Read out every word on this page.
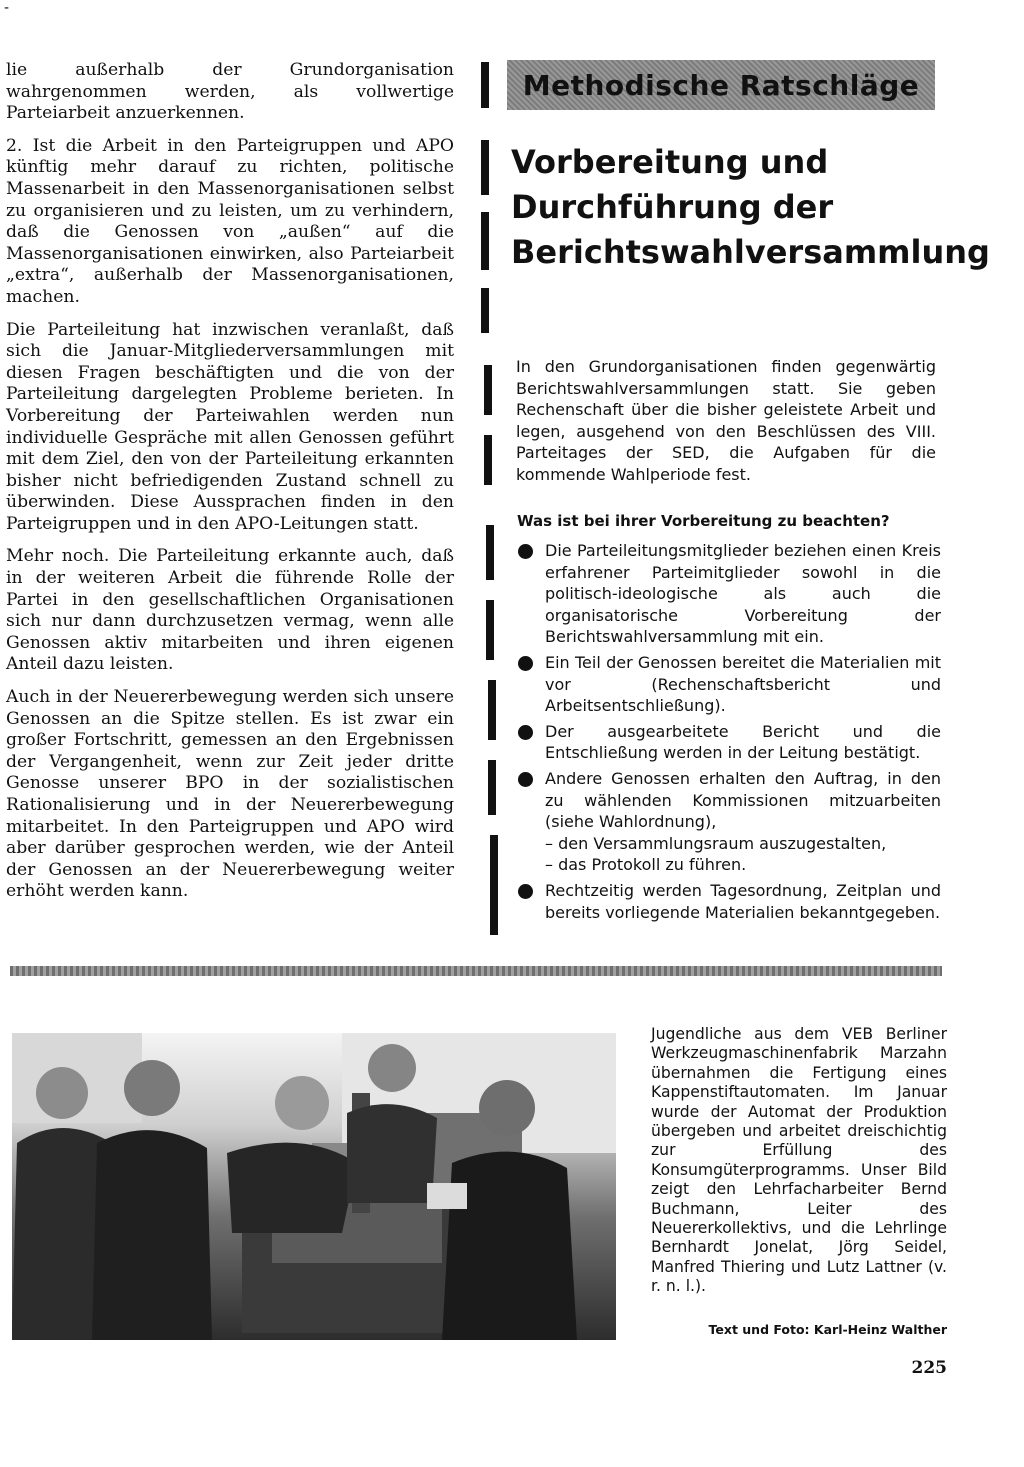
-

lie außerhalb der Grundorganisation wahrgenommen werden, als vollwertige Parteiarbeit anzuerkennen.

2. Ist die Arbeit in den Parteigruppen und APO künftig mehr darauf zu richten, politische Massenarbeit in den Massenorganisationen selbst zu organisieren und zu leisten, um zu verhindern, daß die Genossen von „außen“ auf die Massenorganisationen einwirken, also Parteiarbeit „extra“, außerhalb der Massenorganisationen, machen.

Die Parteileitung hat inzwischen veranlaßt, daß sich die Januar-Mitgliederversammlungen mit diesen Fragen beschäftigten und die von der Parteileitung dargelegten Probleme berieten. In Vorbereitung der Parteiwahlen werden nun individuelle Gespräche mit allen Genossen geführt mit dem Ziel, den von der Parteileitung erkannten bisher nicht befriedigenden Zustand schnell zu überwinden. Diese Aussprachen finden in den Parteigruppen und in den APO-Leitungen statt.

Mehr noch. Die Parteileitung erkannte auch, daß in der weiteren Arbeit die führende Rolle der Partei in den gesellschaftlichen Organisationen sich nur dann durchzusetzen vermag, wenn alle Genossen aktiv mitarbeiten und ihren eigenen Anteil dazu leisten.

Auch in der Neuererbewegung werden sich unsere Genossen an die Spitze stellen. Es ist zwar ein großer Fortschritt, gemessen an den Ergebnissen der Vergangenheit, wenn zur Zeit jeder dritte Genosse unserer BPO in der sozialistischen Rationalisierung und in der Neuererbewegung mitarbeitet. In den Parteigruppen und APO wird aber darüber gesprochen werden, wie der Anteil der Genossen an der Neuererbewegung weiter erhöht werden kann.

Methodische Ratschläge
Vorbereitung und Durchführung der Berichtswahlversammlung

In den Grundorganisationen finden gegenwärtig Berichtswahlversammlungen statt. Sie geben Rechenschaft über die bisher geleistete Arbeit und legen, ausgehend von den Beschlüssen des VIII. Parteitages der SED, die Aufgaben für die kommende Wahlperiode fest.

Was ist bei ihrer Vorbereitung zu beachten?

Die Parteileitungsmitglieder beziehen einen Kreis erfahrener Parteimitglieder sowohl in die politisch-ideologische als auch die organisatorische Vorbereitung der Berichtswahlversammlung mit ein.
Ein Teil der Genossen bereitet die Materialien mit vor (Rechenschaftsbericht und Arbeitsentschließung).
Der ausgearbeitete Bericht und die Entschließung werden in der Leitung bestätigt.
Andere Genossen erhalten den Auftrag, in den zu wählenden Kommissionen mitzuarbeiten (siehe Wahlordnung),
– den Versammlungsraum auszugestalten,
– das Protokoll zu führen.
Rechtzeitig werden Tagesordnung, Zeitplan und bereits vorliegende Materialien bekanntgegeben.

Jugendliche aus dem VEB Berliner Werkzeugmaschinenfabrik Marzahn übernahmen die Fertigung eines Kappenstiftautomaten. Im Januar wurde der Automat der Produktion übergeben und arbeitet dreischichtig zur Erfüllung des Konsumgüterprogramms. Unser Bild zeigt den Lehrfacharbeiter Bernd Buchmann, Leiter des Neuererkollektivs, und die Lehrlinge Bernhardt Jonelat, Jörg Seidel, Manfred Thiering und Lutz Lattner (v. r. n. l.).

Text und Foto: Karl-Heinz Walther

225
